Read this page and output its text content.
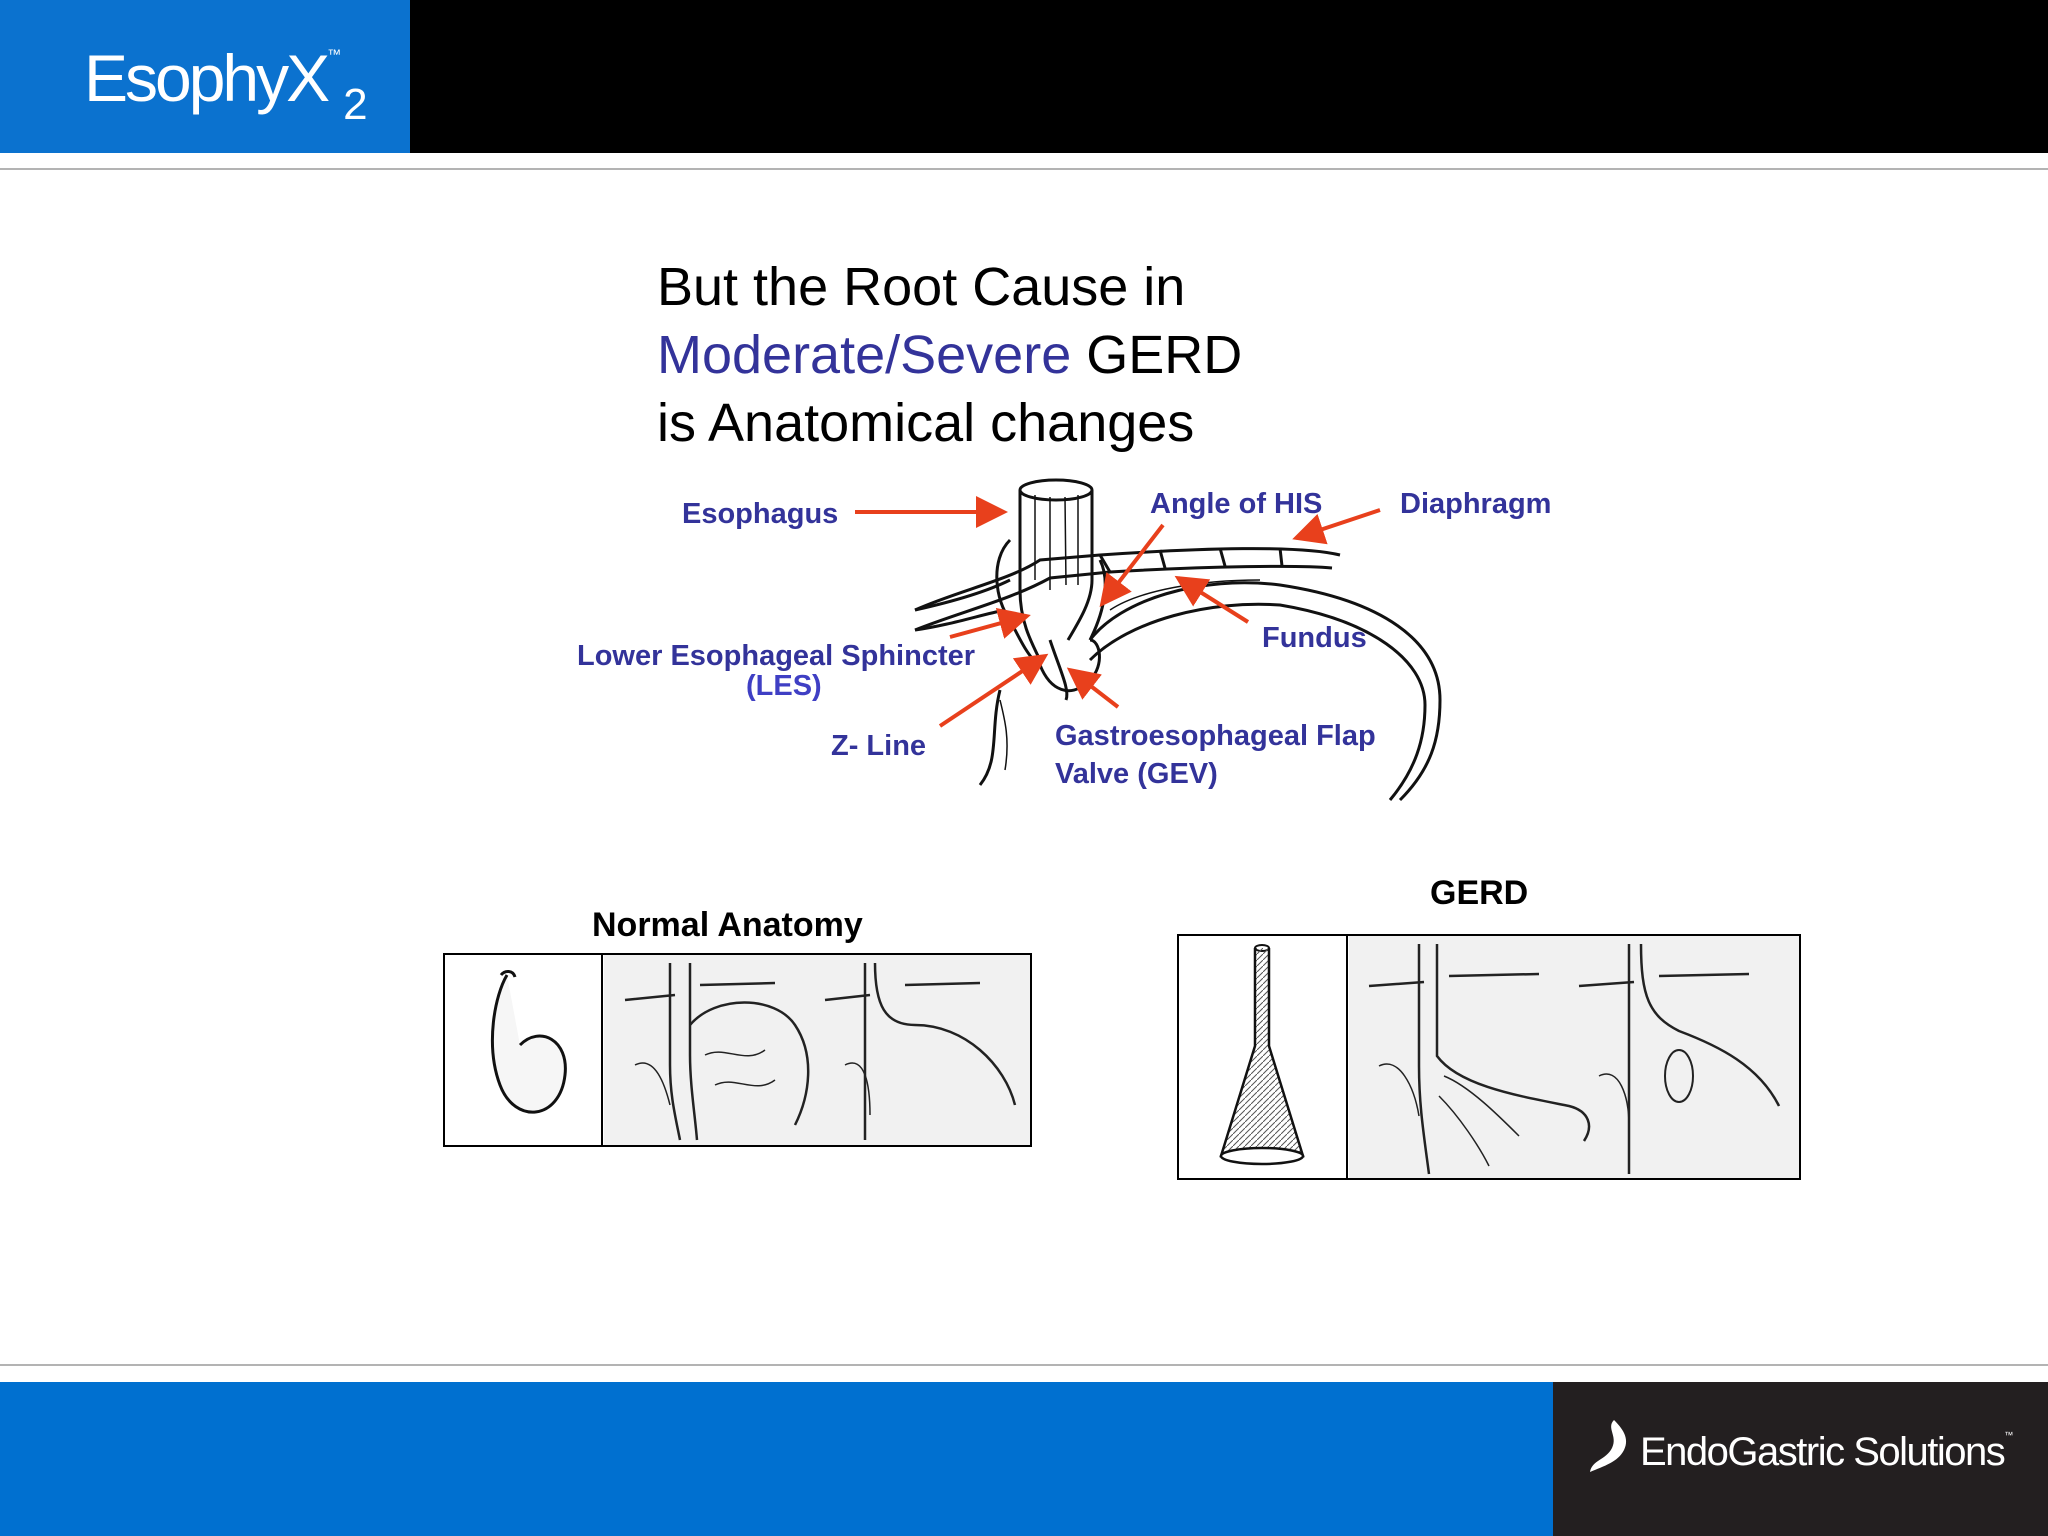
EsophyX™$_2$
But the Root Cause in
Moderate/Severe GERD
is Anatomical changes
Esophagus	Angle of HIS	Diaphragm
Lower Esophageal Sphincter
(LES)
Fundus
Z- Line	Gastroesophageal Flap
Valve (GEV)
Normal Anatomy
GERD
EndoGastric Solutions™
